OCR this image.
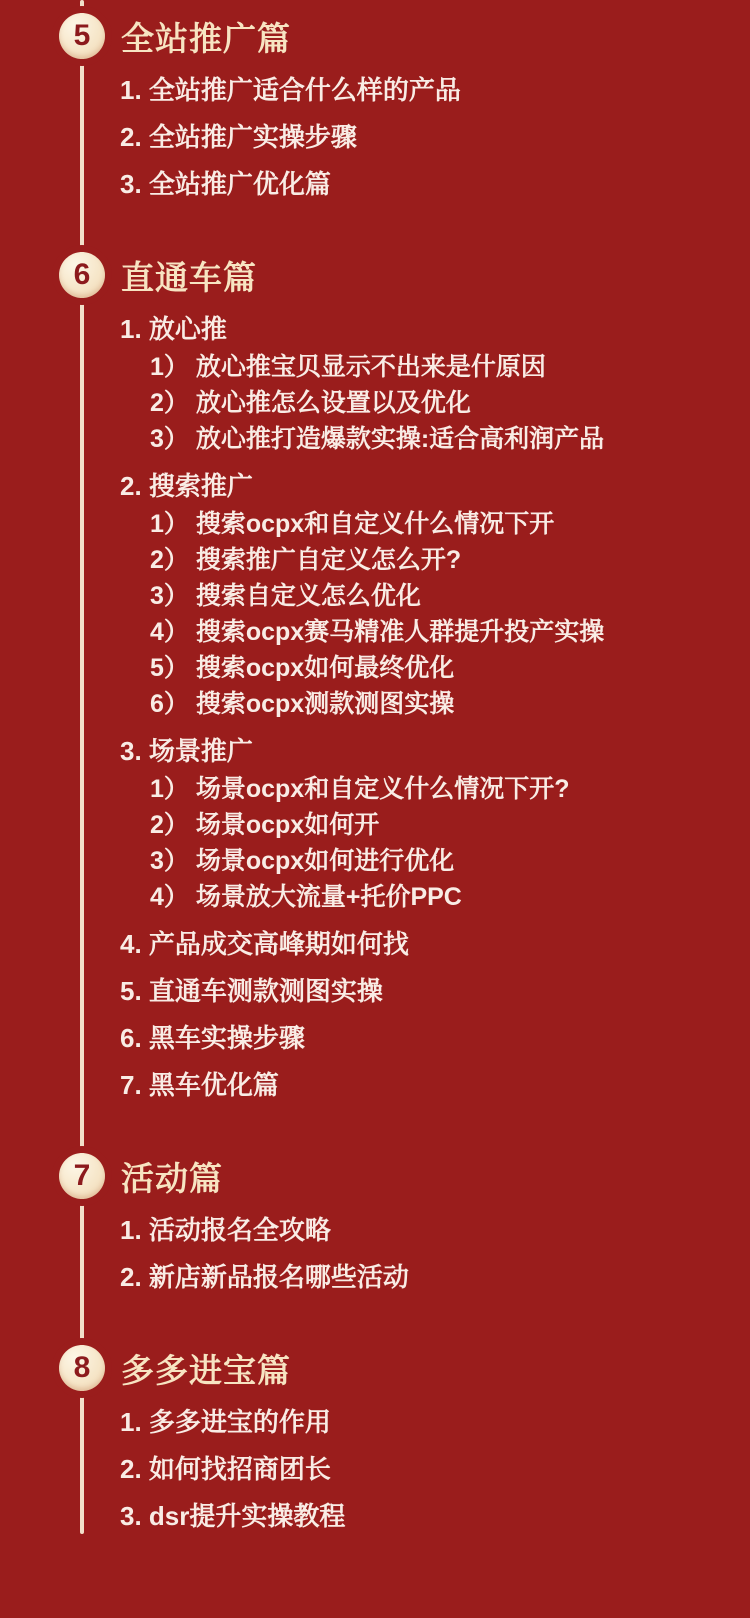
5 全站推广篇
1. 全站推广适合什么样的产品
2. 全站推广实操步骤
3. 全站推广优化篇
6 直通车篇
1. 放心推
1） 放心推宝贝显示不出来是什原因
2） 放心推怎么设置以及优化
3） 放心推打造爆款实操:适合高利润产品
2. 搜索推广
1） 搜索ocpx和自定义什么情况下开
2） 搜索推广自定义怎么开?
3） 搜索自定义怎么优化
4） 搜索ocpx赛马精准人群提升投产实操
5） 搜索ocpx如何最终优化
6） 搜索ocpx测款测图实操
3. 场景推广
1） 场景ocpx和自定义什么情况下开?
2） 场景ocpx如何开
3） 场景ocpx如何进行优化
4） 场景放大流量+托价PPC
4. 产品成交高峰期如何找
5. 直通车测款测图实操
6. 黑车实操步骤
7. 黑车优化篇
7 活动篇
1. 活动报名全攻略
2. 新店新品报名哪些活动
8 多多进宝篇
1. 多多进宝的作用
2. 如何找招商团长
3. dsr提升实操教程
